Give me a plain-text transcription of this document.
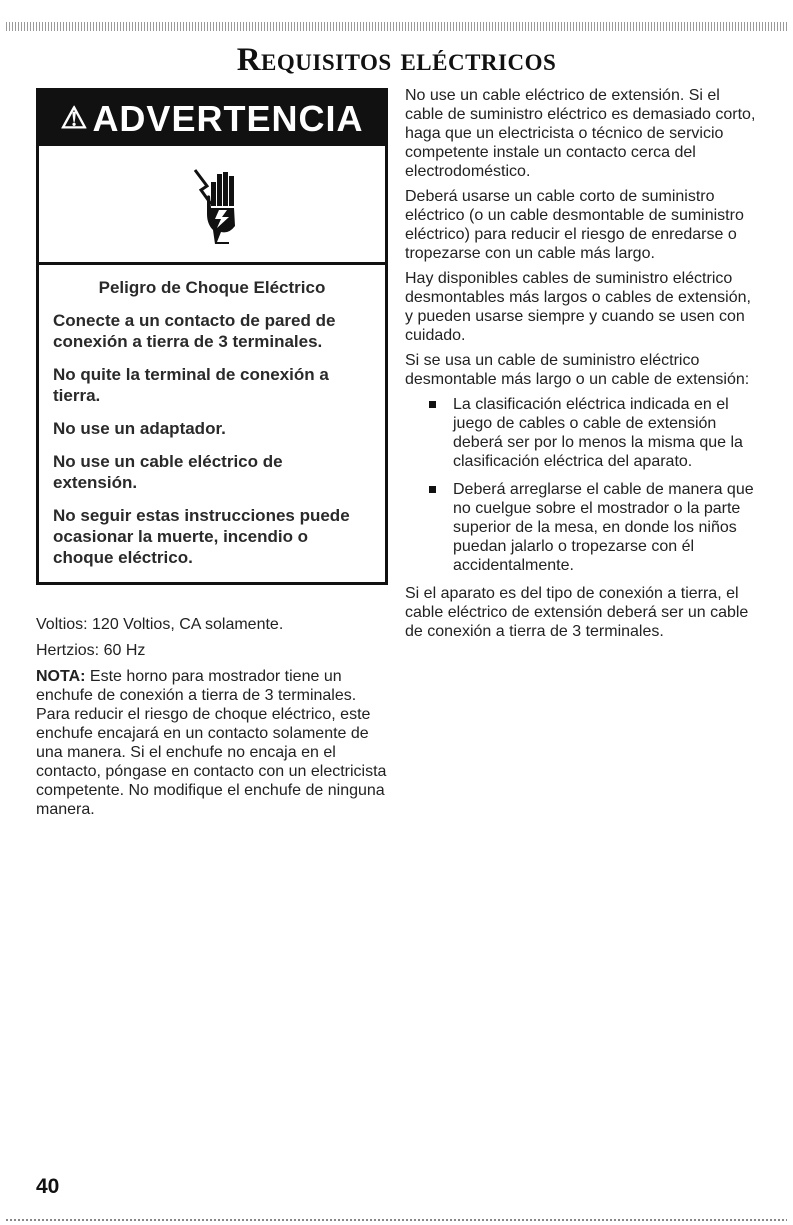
Requisitos eléctricos
⚠ ADVERTENCIA

Peligro de Choque Eléctrico

Conecte a un contacto de pared de conexión a tierra de 3 terminales.

No quite la terminal de conexión a tierra.

No use un adaptador.

No use un cable eléctrico de extensión.

No seguir estas instrucciones puede ocasionar la muerte, incendio o choque eléctrico.

Voltios: 120 Voltios, CA solamente.

Hertzios: 60 Hz

NOTA: Este horno para mostrador tiene un enchufe de conexión a tierra de 3 terminales. Para reducir el riesgo de choque eléctrico, este enchufe encajará en un contacto solamente de una manera. Si el enchufe no encaja en el contacto, póngase en contacto con un electricista competente. No modifique el enchufe de ninguna manera.

No use un cable eléctrico de extensión. Si el cable de suministro eléctrico es demasiado corto, haga que un electricista o técnico de servicio competente instale un contacto cerca del electrodoméstico.

Deberá usarse un cable corto de suministro eléctrico (o un cable desmontable de suministro eléctrico) para reducir el riesgo de enredarse o tropezarse con un cable más largo.

Hay disponibles cables de suministro eléctrico desmontables más largos o cables de extensión, y pueden usarse siempre y cuando se usen con cuidado.

Si se usa un cable de suministro eléctrico desmontable más largo o un cable de extensión:

La clasificación eléctrica indicada en el juego de cables o cable de extensión deberá ser por lo menos la misma que la clasificación eléctrica del aparato.
Deberá arreglarse el cable de manera que no cuelgue sobre el mostrador o la parte superior de la mesa, en donde los niños puedan jalarlo o tropezarse con él accidentalmente.

Si el aparato es del tipo de conexión a tierra, el cable eléctrico de extensión deberá ser un cable de conexión a tierra de 3 terminales.

40
